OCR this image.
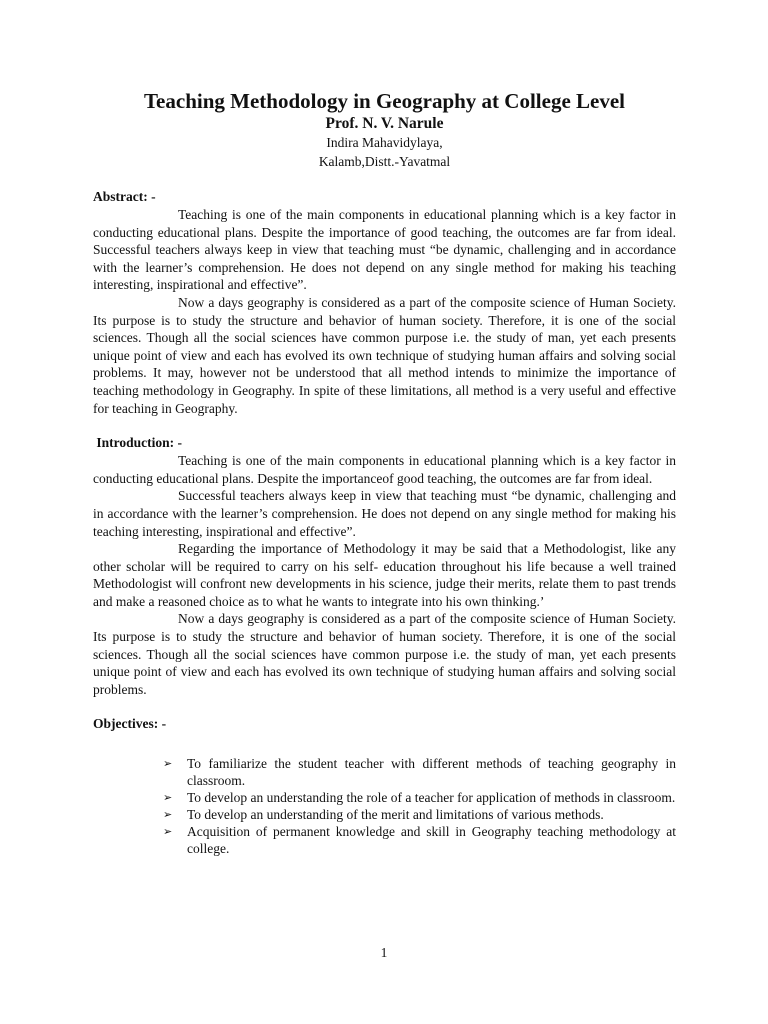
Teaching Methodology in Geography at College Level

Prof. N. V. Narule

Indira Mahavidylaya,

Kalamb,Distt.-Yavatmal

Abstract: -

Teaching is one of the main components in educational planning which is a key factor in conducting educational plans. Despite the importance of good teaching, the outcomes are far from ideal. Successful teachers always keep in view that teaching must “be dynamic, challenging and in accordance with the learner’s comprehension. He does not depend on any single method for making his teaching interesting, inspirational and effective”.

Now a days geography is considered as a part of the composite science of Human Society. Its purpose is to study the structure and behavior of human society. Therefore, it is one of the social sciences. Though all the social sciences have common purpose i.e. the study of man, yet each presents unique point of view and each has evolved its own technique of studying human affairs and solving social problems. It may, however not be understood that all method intends to minimize the importance of teaching methodology in Geography. In spite of these limitations, all method is a very useful and effective for teaching in Geography.

Introduction: -

Teaching is one of the main components in educational planning which is a key factor in conducting educational plans. Despite the importanceof good teaching, the outcomes are far from ideal.

Successful teachers always keep in view that teaching must “be dynamic, challenging and in accordance with the learner’s comprehension. He does not depend on any single method for making his teaching interesting, inspirational and effective”.

Regarding the importance of Methodology it may be said that a Methodologist, like any other scholar will be required to carry on his self- education throughout his life because a well trained Methodologist will confront new developments in his science, judge their merits, relate them to past trends and make a reasoned choice as to what he wants to integrate into his own thinking.’

Now a days geography is considered as a part of the composite science of Human Society. Its purpose is to study the structure and behavior of human society. Therefore, it is one of the social sciences. Though all the social sciences have common purpose i.e. the study of man, yet each presents unique point of view and each has evolved its own technique of studying human affairs and solving social problems.

Objectives: -

➢ To familiarize the student teacher with different methods of teaching geography in classroom.
➢ To develop an understanding the role of a teacher for application of methods in classroom.
➢ To develop an understanding of the merit and limitations of various methods.
➢ Acquisition of permanent knowledge and skill in Geography teaching methodology at college.
1
